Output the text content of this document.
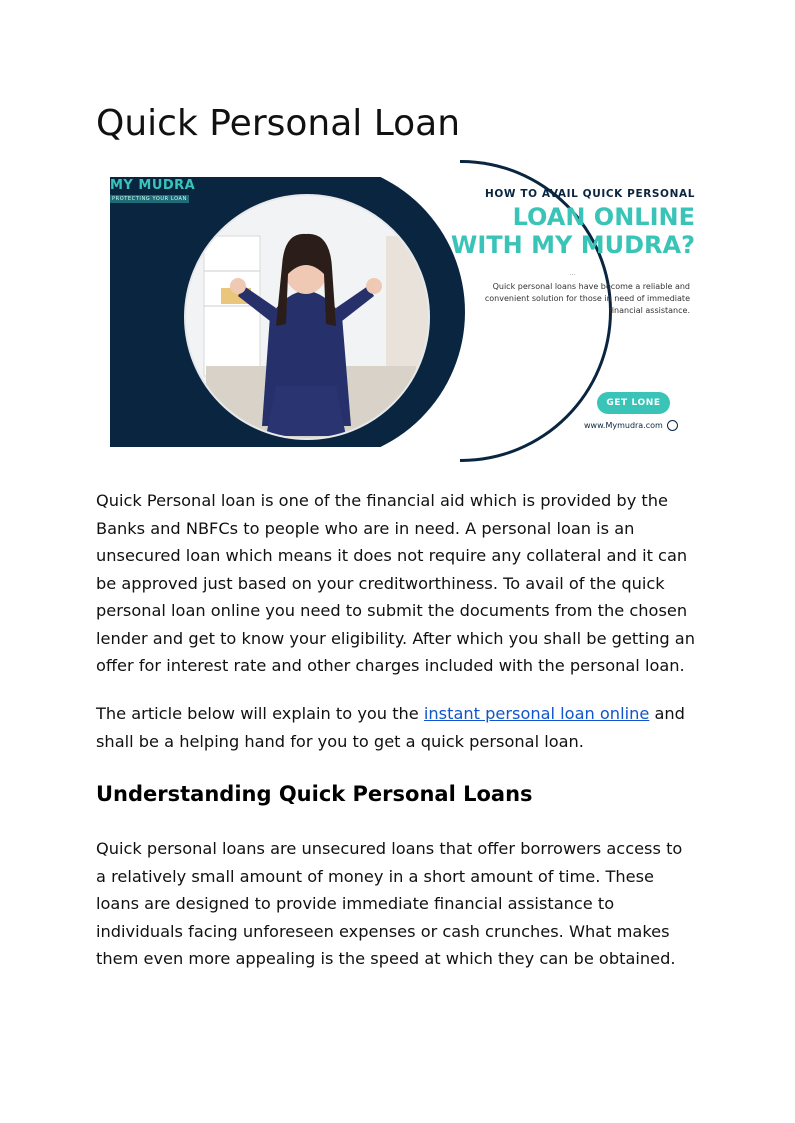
Quick Personal Loan
MY MUDRA
PROTECTING YOUR LOAN	HOW TO AVAIL QUICK PERSONAL
LOAN ONLINE
WITH MY MUDRA?
...
Quick personal loans have become a reliable and convenient solution for those in need of immediate financial assistance.
GET LONE
www.Mymudra.com

Quick Personal loan is one of the financial aid which is provided by the Banks and NBFCs to people who are in need. A personal loan is an unsecured loan which means it does not require any collateral and it can be approved just based on your creditworthiness. To avail of the quick personal loan online you need to submit the documents from the chosen lender and get to know your eligibility. After which you shall be getting an offer for interest rate and other charges included with the personal loan.

The article below will explain to you the instant personal loan online and shall be a helping hand for you to get a quick personal loan.

Understanding Quick Personal Loans

Quick personal loans are unsecured loans that offer borrowers access to a relatively small amount of money in a short amount of time. These loans are designed to provide immediate financial assistance to individuals facing unforeseen expenses or cash crunches. What makes them even more appealing is the speed at which they can be obtained.
